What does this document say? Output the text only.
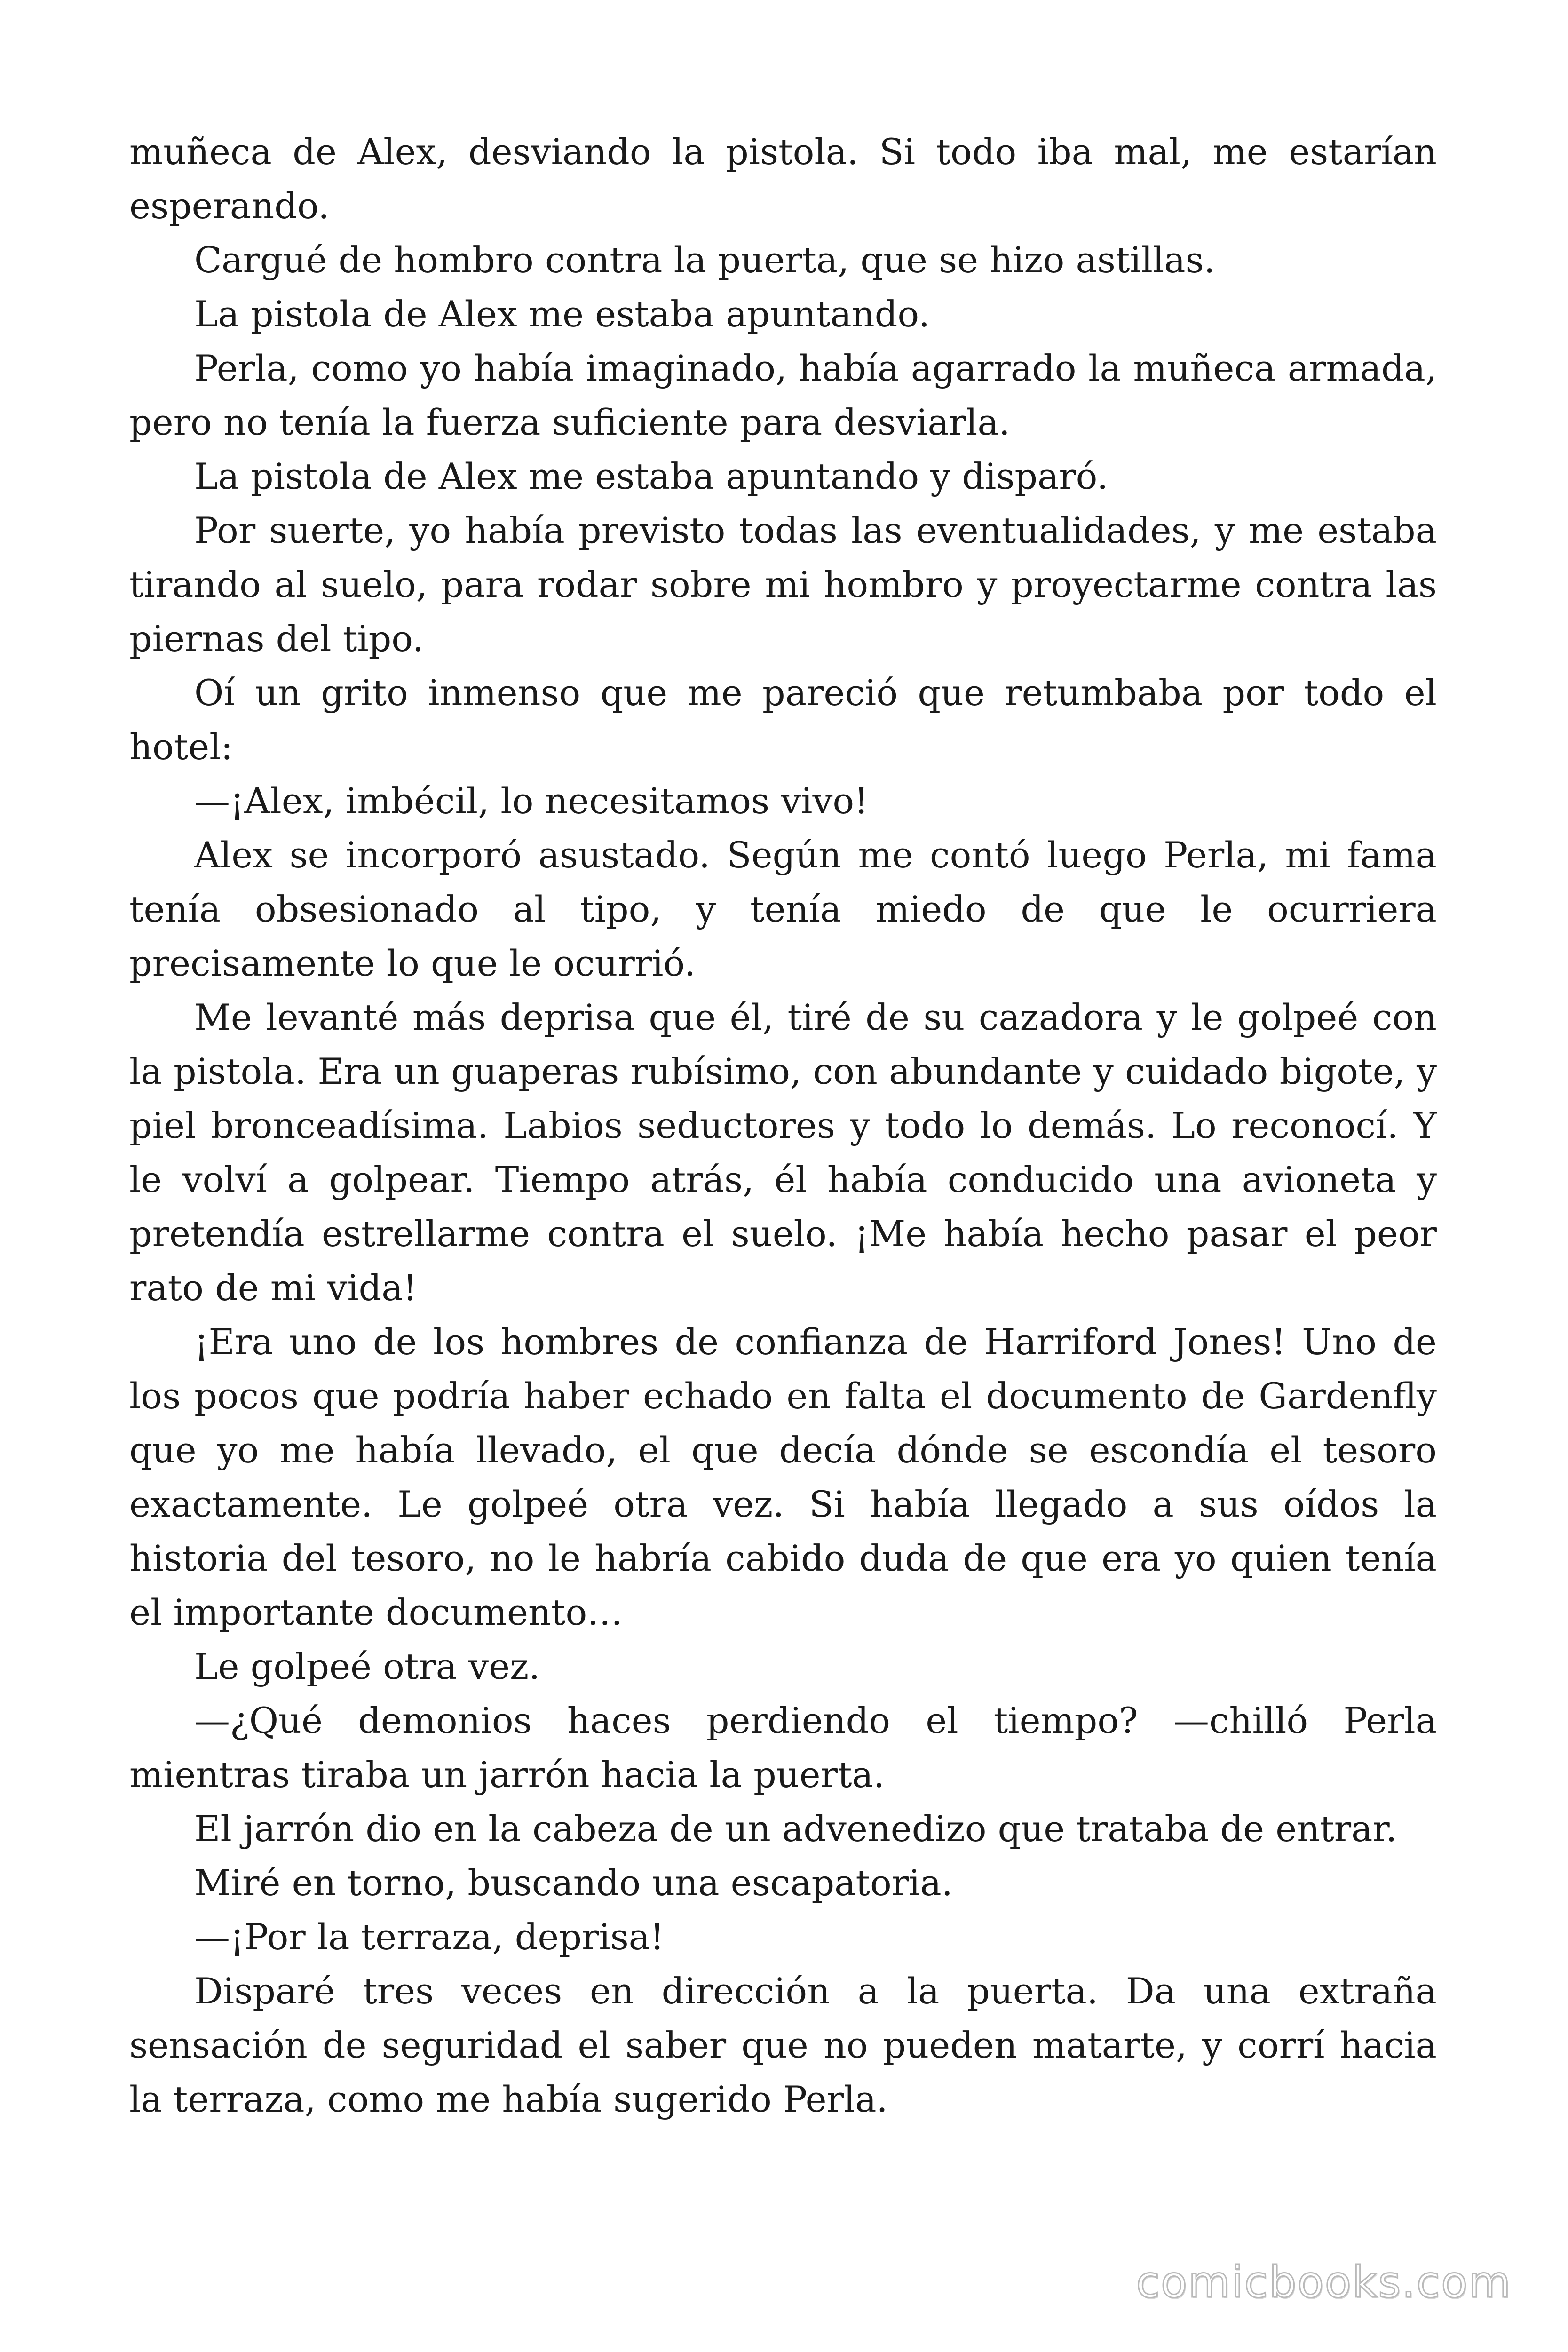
muñeca de Alex, desviando la pistola. Si todo iba mal, me estarían esperando.

Cargué de hombro contra la puerta, que se hizo astillas.

La pistola de Alex me estaba apuntando.

Perla, como yo había imaginado, había agarrado la muñeca armada, pero no tenía la fuerza suficiente para desviarla.

La pistola de Alex me estaba apuntando y disparó.

Por suerte, yo había previsto todas las eventualidades, y me estaba tirando al suelo, para rodar sobre mi hombro y proyectarme contra las piernas del tipo.

Oí un grito inmenso que me pareció que retumbaba por todo el hotel:

—¡Alex, imbécil, lo necesitamos vivo!

Alex se incorporó asustado. Según me contó luego Perla, mi fama tenía obsesionado al tipo, y tenía miedo de que le ocurriera precisamente lo que le ocurrió.

Me levanté más deprisa que él, tiré de su cazadora y le golpeé con la pistola. Era un guaperas rubísimo, con abundante y cuidado bigote, y piel bronceadísima. Labios seductores y todo lo demás. Lo reconocí. Y le volví a golpear. Tiempo atrás, él había conducido una avioneta y pretendía estrellarme contra el suelo. ¡Me había hecho pasar el peor rato de mi vida!

¡Era uno de los hombres de confianza de Harriford Jones! Uno de los pocos que podría haber echado en falta el documento de Gardenfly que yo me había llevado, el que decía dónde se escondía el tesoro exactamente. Le golpeé otra vez. Si había llegado a sus oídos la historia del tesoro, no le habría cabido duda de que era yo quien tenía el importante documento…

Le golpeé otra vez.

—¿Qué demonios haces perdiendo el tiempo? —chilló Perla mientras tiraba un jarrón hacia la puerta.

El jarrón dio en la cabeza de un advenedizo que trataba de entrar.

Miré en torno, buscando una escapatoria.

—¡Por la terraza, deprisa!

Disparé tres veces en dirección a la puerta. Da una extraña sensación de seguridad el saber que no pueden matarte, y corrí hacia la terraza, como me había sugerido Perla.

comicbooks.com
